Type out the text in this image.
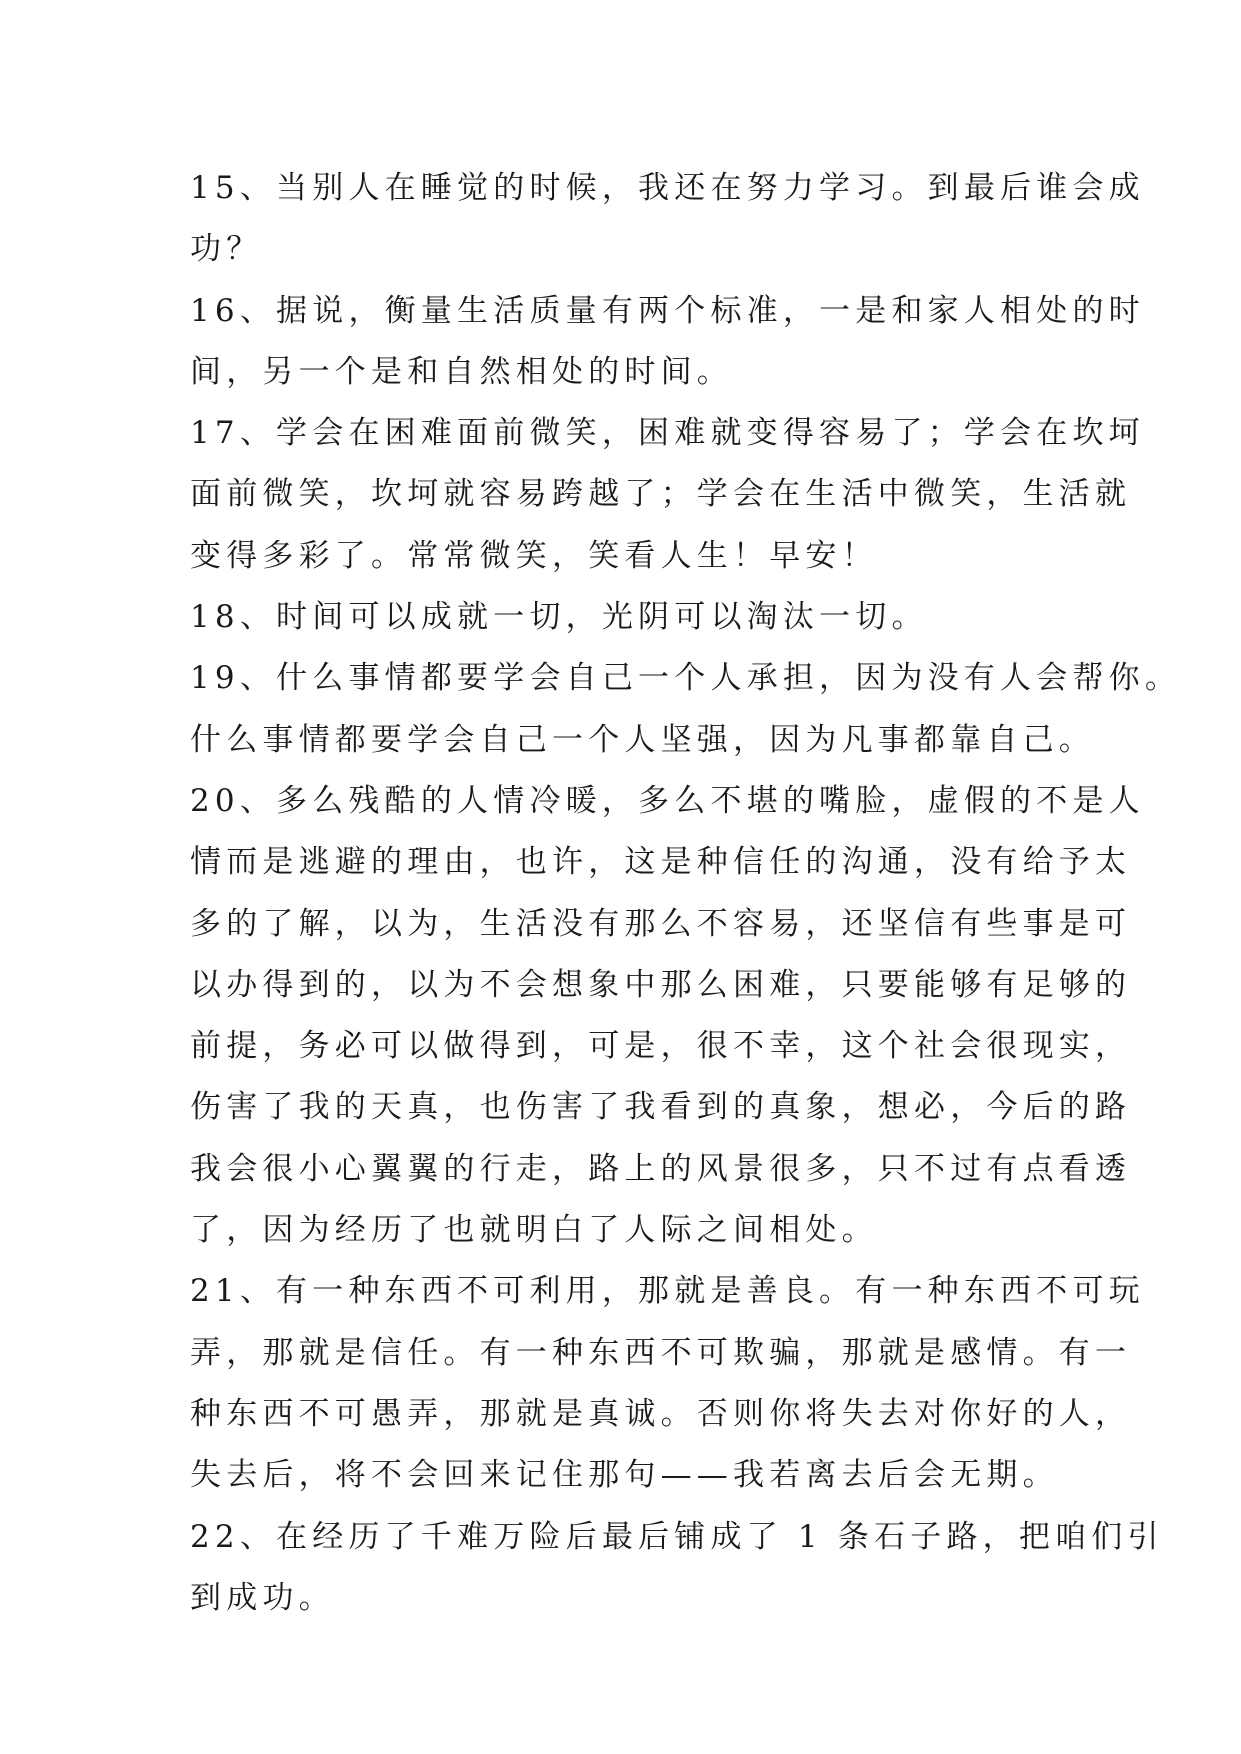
15、当别人在睡觉的时候，我还在努力学习。到最后谁会成
功？
16、据说，衡量生活质量有两个标准，一是和家人相处的时
间，另一个是和自然相处的时间。
17、学会在困难面前微笑，困难就变得容易了；学会在坎坷
面前微笑，坎坷就容易跨越了；学会在生活中微笑，生活就
变得多彩了。常常微笑，笑看人生！早安！
18、时间可以成就一切，光阴可以淘汰一切。
19、什么事情都要学会自己一个人承担，因为没有人会帮你。
什么事情都要学会自己一个人坚强，因为凡事都靠自己。
20、多么残酷的人情冷暖，多么不堪的嘴脸，虚假的不是人
情而是逃避的理由，也许，这是种信任的沟通，没有给予太
多的了解，以为，生活没有那么不容易，还坚信有些事是可
以办得到的，以为不会想象中那么困难，只要能够有足够的
前提，务必可以做得到，可是，很不幸，这个社会很现实，
伤害了我的天真，也伤害了我看到的真象，想必，今后的路
我会很小心翼翼的行走，路上的风景很多，只不过有点看透
了，因为经历了也就明白了人际之间相处。
21、有一种东西不可利用，那就是善良。有一种东西不可玩
弄，那就是信任。有一种东西不可欺骗，那就是感情。有一
种东西不可愚弄，那就是真诚。否则你将失去对你好的人，
失去后，将不会回来记住那句——我若离去后会无期。
22、在经历了千难万险后最后铺成了 1 条石子路，把咱们引
到成功。
